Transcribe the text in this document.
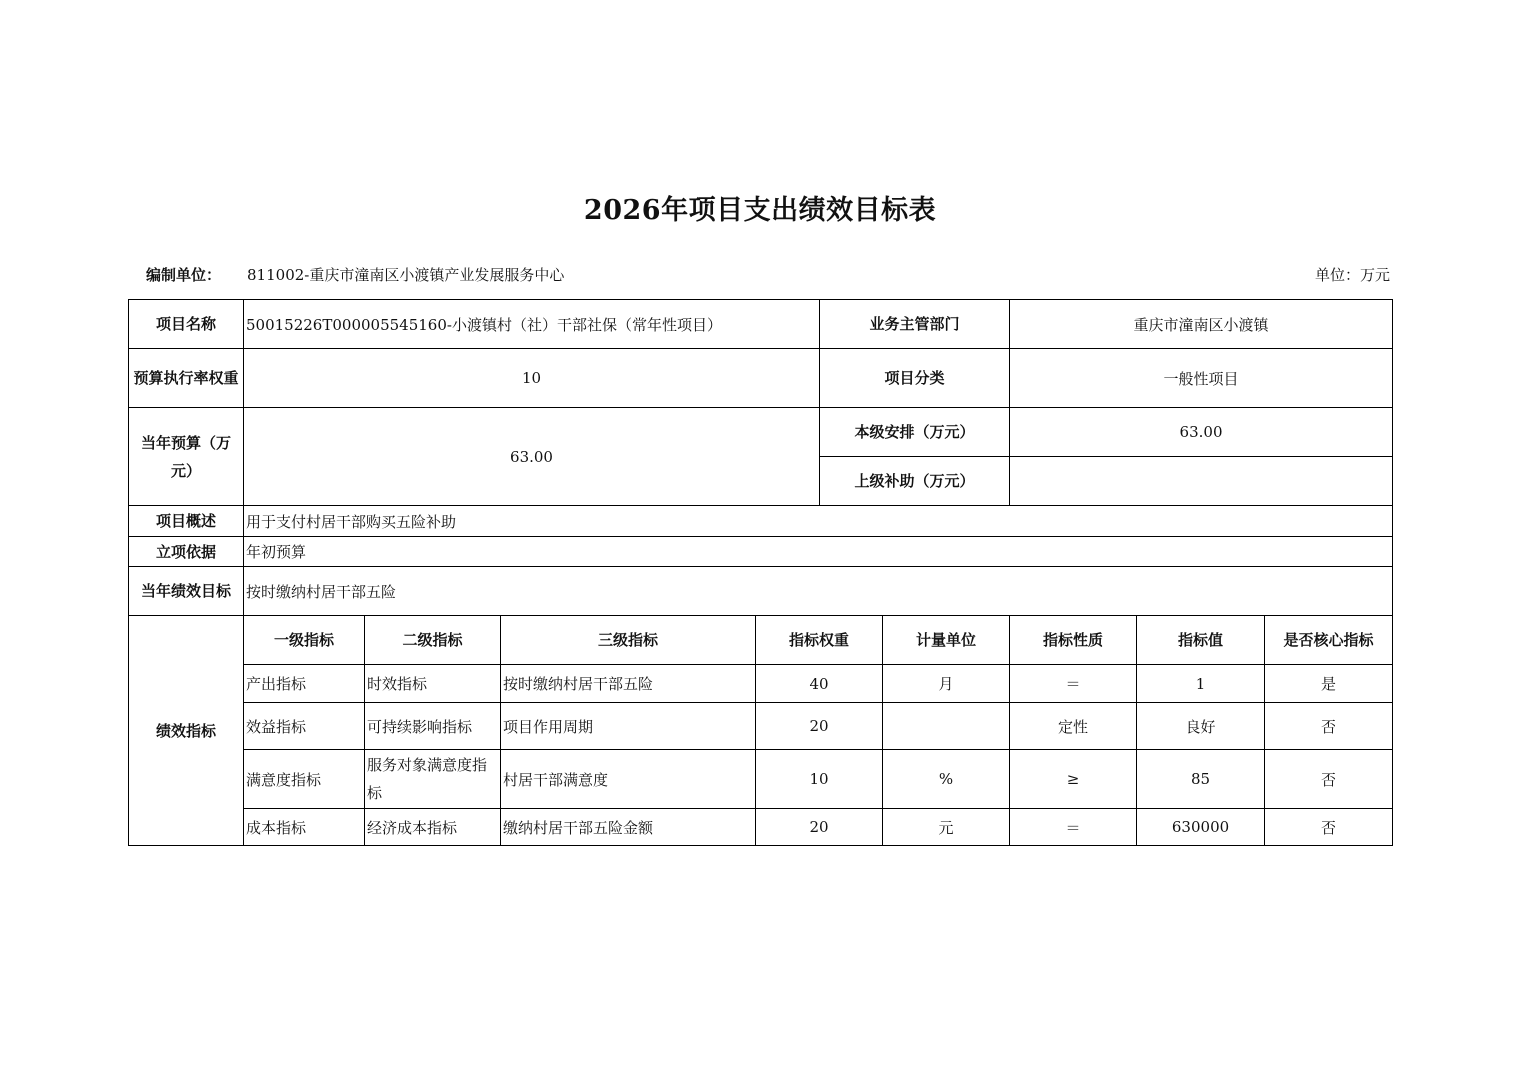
2026年项目支出绩效目标表
编制单位： 811002-重庆市潼南区小渡镇产业发展服务中心	单位：万元
项目名称	50015226T000005545160-小渡镇村（社）干部社保（常年性项目）				业务主管部门		重庆市潼南区小渡镇		
预算执行率权重	10				项目分类		一般性项目		
当年预算（万元）	63.00				本级安排（万元）		63.00		
					上级补助（万元）				
项目概述	用于支付村居干部购买五险补助								
立项依据	年初预算								
当年绩效目标	按时缴纳村居干部五险								
绩效指标	一级指标	二级指标	三级指标	指标权重		计量单位	指标性质	指标值	是否核心指标
	产出指标	时效指标	按时缴纳村居干部五险	40		月	＝	1	是
	效益指标	可持续影响指标	项目作用周期	20			定性	良好	否
	满意度指标	服务对象满意度指标	村居干部满意度	10		%	≥	85	否
	成本指标	经济成本指标	缴纳村居干部五险金额	20		元	＝	630000	否
